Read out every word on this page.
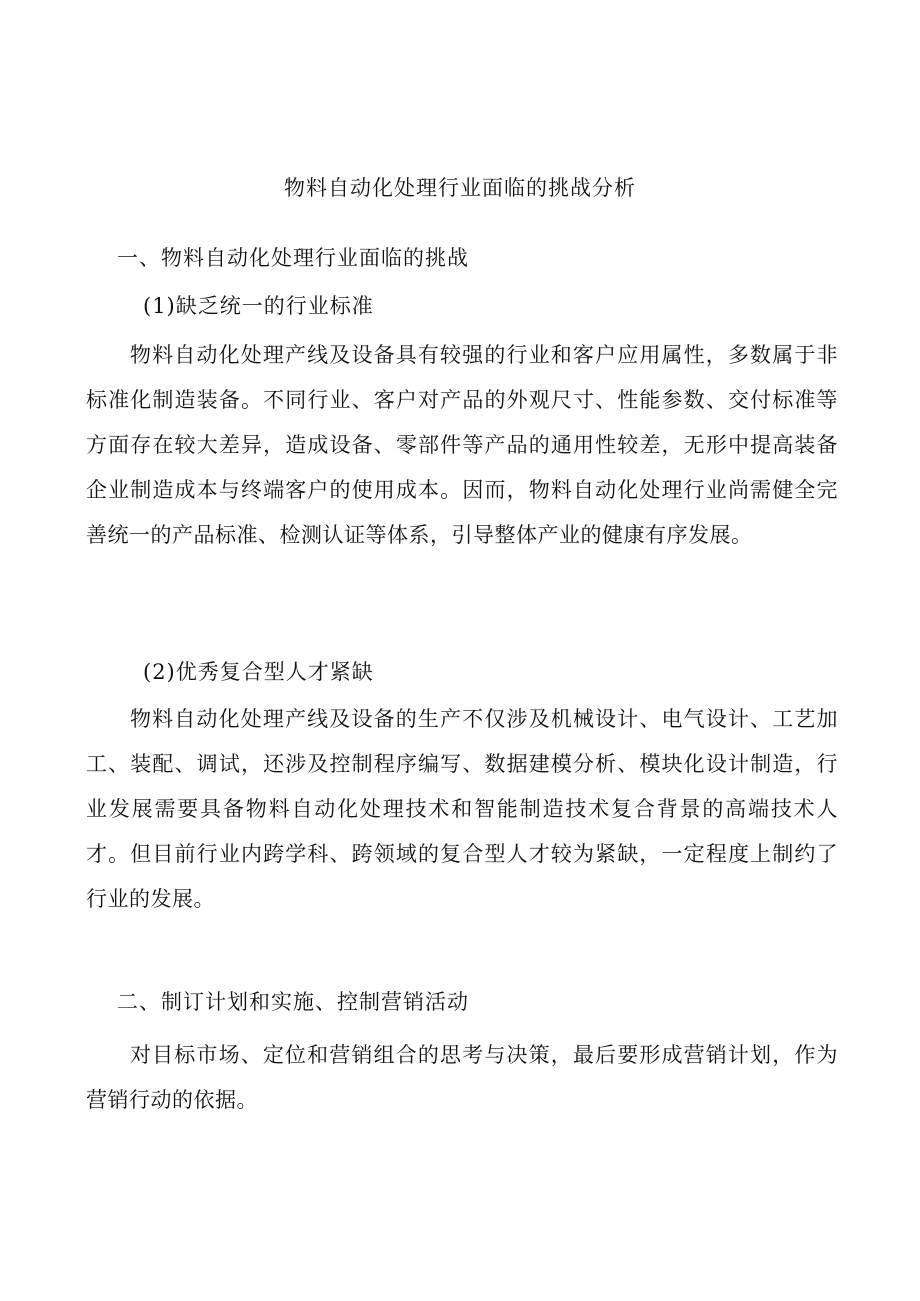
物料自动化处理行业面临的挑战分析
一、物料自动化处理行业面临的挑战
(1)缺乏统一的行业标准

物料自动化处理产线及设备具有较强的行业和客户应用属性，多数属于非标准化制造装备。不同行业、客户对产品的外观尺寸、性能参数、交付标准等方面存在较大差异，造成设备、零部件等产品的通用性较差，无形中提高装备企业制造成本与终端客户的使用成本。因而，物料自动化处理行业尚需健全完善统一的产品标准、检测认证等体系，引导整体产业的健康有序发展。

(2)优秀复合型人才紧缺

物料自动化处理产线及设备的生产不仅涉及机械设计、电气设计、工艺加工、装配、调试，还涉及控制程序编写、数据建模分析、模块化设计制造，行业发展需要具备物料自动化处理技术和智能制造技术复合背景的高端技术人才。但目前行业内跨学科、跨领域的复合型人才较为紧缺，一定程度上制约了行业的发展。

二、制订计划和实施、控制营销活动

对目标市场、定位和营销组合的思考与决策，最后要形成营销计划，作为营销行动的依据。
